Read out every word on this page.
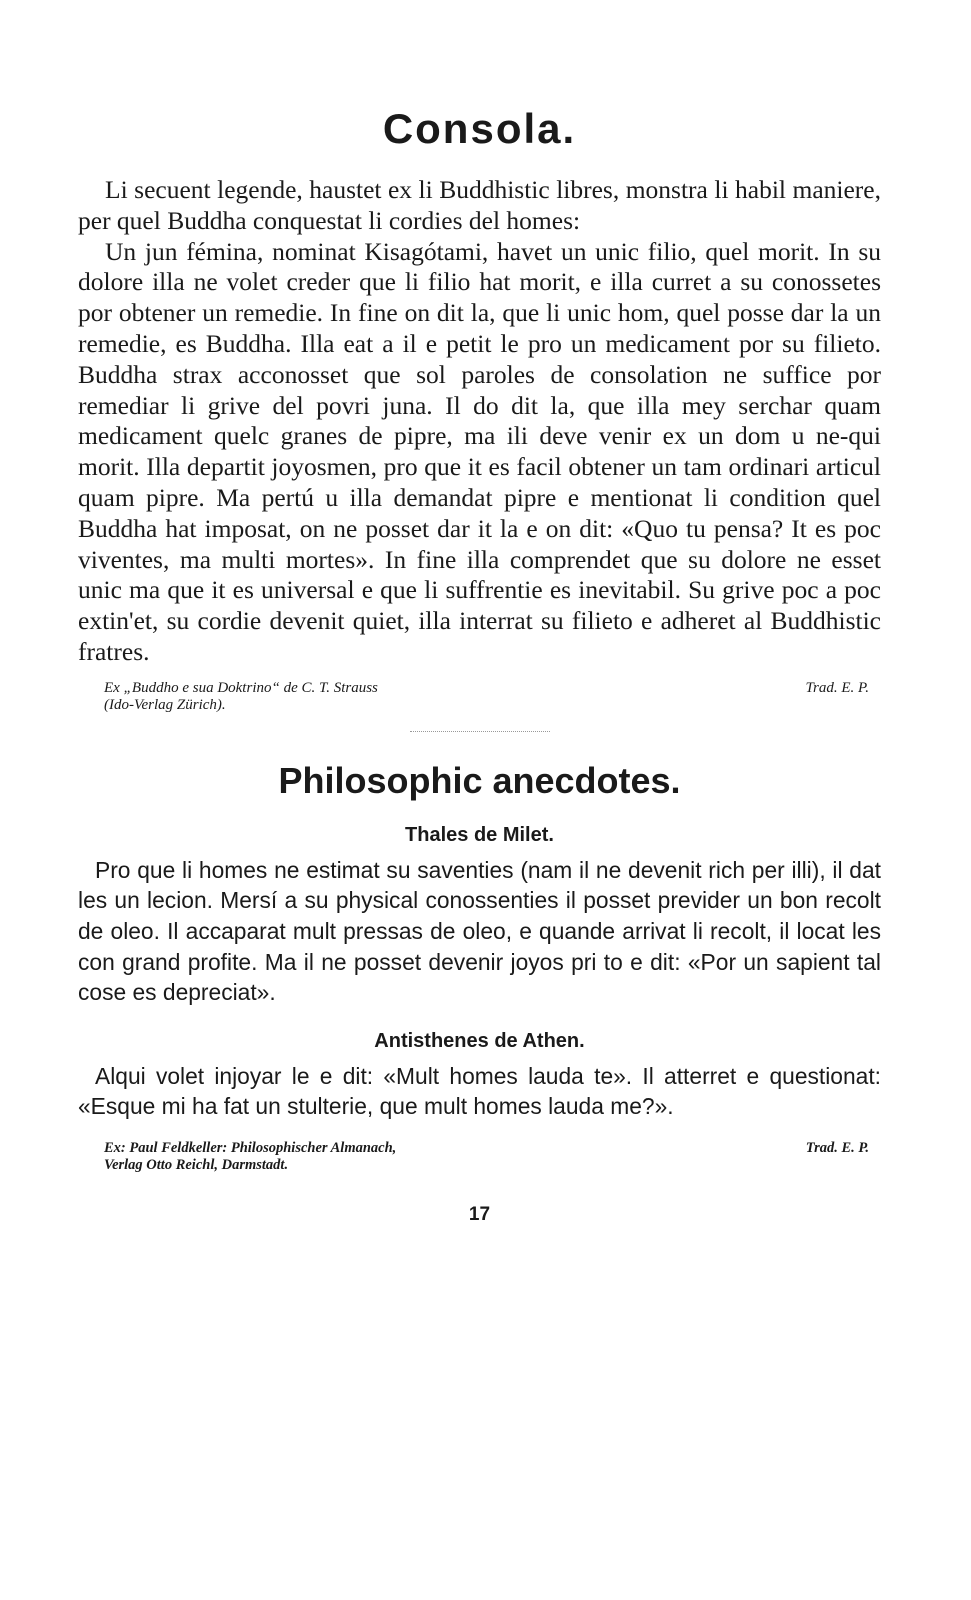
Consola.

Li secuent legende, haustet ex li Buddhistic libres, monstra li habil maniere, per quel Buddha conquestat li cordies del homes:

Un jun fémina, nominat Kisagótami, havet un unic filio, quel morit. In su dolore illa ne volet creder que li filio hat morit, e illa curret a su conossetes por obtener un remedie. In fine on dit la, que li unic hom, quel posse dar la un remedie, es Buddha. Illa eat a il e petit le pro un medicament por su filieto. Buddha strax acconosset que sol paroles de consolation ne suffice por remediar li grive del povri juna. Il do dit la, que illa mey serchar quam medicament quelc granes de pipre, ma ili deve venir ex un dom u ne-qui morit. Illa departit joyosmen, pro que it es facil obtener un tam ordinari articul quam pipre. Ma pertú u illa demandat pipre e mentionat li condition quel Buddha hat imposat, on ne posset dar it la e on dit: «Quo tu pensa? It es poc viventes, ma multi mortes». In fine illa comprendet que su dolore ne esset unic ma que it es universal e que li suffrentie es inevitabil. Su grive poc a poc extin'et, su cordie devenit quiet, illa interrat su filieto e adheret al Buddhistic fratres.

Ex „Buddho e sua Doktrino“ de C. T. Strauss
(Ido-Verlag Zürich).
Trad. E. P.
Philosophic anecdotes.
Thales de Milet.

Pro que li homes ne estimat su saventies (nam il ne devenit rich per illi), il dat les un lecion. Mersí a su physical conossenties il posset previder un bon recolt de oleo. Il accaparat mult pressas de oleo, e quande arrivat li recolt, il locat les con grand profite. Ma il ne posset devenir joyos pri to e dit: «Por un sapient tal cose es depreciat».

Antisthenes de Athen.

Alqui volet injoyar le e dit: «Mult homes lauda te». Il atterret e questionat: «Esque mi ha fat un stulterie, que mult homes lauda me?».

Ex: Paul Feldkeller: Philosophischer Almanach,
Verlag Otto Reichl, Darmstadt.
Trad. E. P.
17
